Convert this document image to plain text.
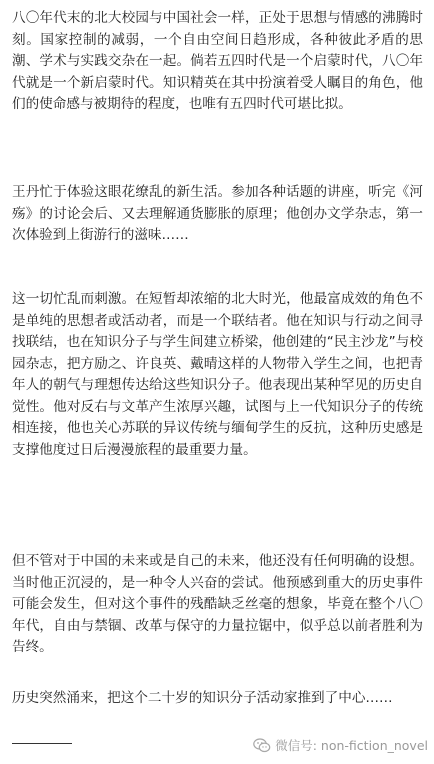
八〇年代末的北大校园与中国社会一样，正处于思想与情感的沸腾时刻。国家控制的减弱，一个自由空间日趋形成，各种彼此矛盾的思潮、学术与实践交杂在一起。倘若五四时代是一个启蒙时代，八〇年代就是一个新启蒙时代。知识精英在其中扮演着受人瞩目的角色，他们的使命感与被期待的程度，也唯有五四时代可堪比拟。

王丹忙于体验这眼花缭乱的新生活。参加各种话题的讲座，听完《河殇》的讨论会后、又去理解通货膨胀的原理；他创办文学杂志，第一次体验到上街游行的滋味……

这一切忙乱而刺激。在短暂却浓缩的北大时光，他最富成效的角色不是单纯的思想者或活动者，而是一个联结者。他在知识与行动之间寻找联结，也在知识分子与学生间建立桥梁，他创建的“民主沙龙”与校园杂志，把方励之、许良英、戴晴这样的人物带入学生之间，也把青年人的朝气与理想传达给这些知识分子。他表现出某种罕见的历史自觉性。他对反右与文革产生浓厚兴趣，试图与上一代知识分子的传统相连接，他也关心苏联的异议传统与缅甸学生的反抗，这种历史感是支撑他度过日后漫漫旅程的最重要力量。

但不管对于中国的未来或是自己的未来，他还没有任何明确的设想。当时他正沉浸的，是一种令人兴奋的尝试。他预感到重大的历史事件可能会发生，但对这个事件的残酷缺乏丝毫的想象，毕竟在整个八〇年代，自由与禁锢、改革与保守的力量拉锯中，似乎总以前者胜利为告终。

历史突然涌来，把这个二十岁的知识分子活动家推到了中心……

微信号: non-fiction_novel
